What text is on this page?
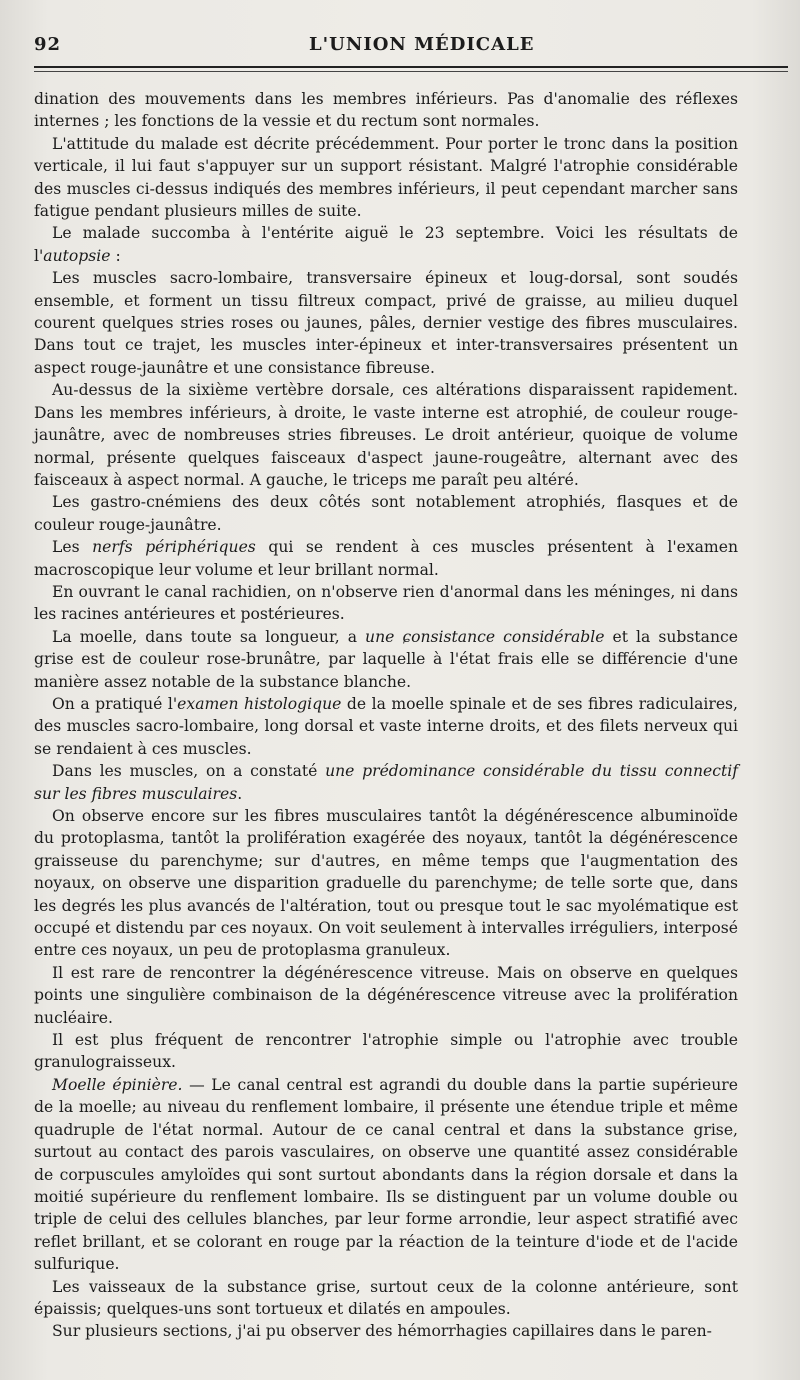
92	L'UNION MÉDICALE

dination des mouvements dans les membres inférieurs. Pas d'anomalie des réflexes internes ; les fonctions de la vessie et du rectum sont normales.

L'attitude du malade est décrite précédemment. Pour porter le tronc dans la position verticale, il lui faut s'appuyer sur un support résistant. Malgré l'atrophie considérable des muscles ci-dessus indiqués des membres inférieurs, il peut cependant marcher sans fatigue pendant plusieurs milles de suite.

Le malade succomba à l'entérite aiguë le 23 septembre. Voici les résultats de l'autopsie :

Les muscles sacro-lombaire, transversaire épineux et loug-dorsal, sont soudés ensemble, et forment un tissu filtreux compact, privé de graisse, au milieu duquel courent quelques stries roses ou jaunes, pâles, dernier vestige des fibres musculaires. Dans tout ce trajet, les muscles inter-épineux et inter-transversaires présentent un aspect rouge-jaunâtre et une consistance fibreuse.

Au-dessus de la sixième vertèbre dorsale, ces altérations disparaissent rapidement. Dans les membres inférieurs, à droite, le vaste interne est atrophié, de couleur rouge-jaunâtre, avec de nombreuses stries fibreuses. Le droit antérieur, quoique de volume normal, présente quelques faisceaux d'aspect jaune-rougeâtre, alternant avec des faisceaux à aspect normal. A gauche, le triceps me paraît peu altéré.

Les gastro-cnémiens des deux côtés sont notablement atrophiés, flasques et de couleur rouge-jaunâtre.

Les nerfs périphériques qui se rendent à ces muscles présentent à l'examen macroscopique leur volume et leur brillant normal.

En ouvrant le canal rachidien, on n'observe rien d'anormal dans les méninges, ni dans les racines antérieures et postérieures.

La moelle, dans toute sa longueur, a une ɕonsistance considérable et la substance grise est de couleur rose-brunâtre, par laquelle à l'état frais elle se différencie d'une manière assez notable de la substance blanche.

On a pratiqué l'examen histologique de la moelle spinale et de ses fibres radiculaires, des muscles sacro-lombaire, long dorsal et vaste interne droits, et des filets nerveux qui se rendaient à ces muscles.

Dans les muscles, on a constaté une prédominance considérable du tissu connectif sur les fibres musculaires.

On observe encore sur les fibres musculaires tantôt la dégénérescence albuminoïde du protoplasma, tantôt la prolifération exagérée des noyaux, tantôt la dégénérescence graisseuse du parenchyme; sur d'autres, en même temps que l'augmentation des noyaux, on observe une disparition graduelle du parenchyme; de telle sorte que, dans les degrés les plus avancés de l'altération, tout ou presque tout le sac myolématique est occupé et distendu par ces noyaux. On voit seulement à intervalles irréguliers, interposé entre ces noyaux, un peu de protoplasma granuleux.

Il est rare de rencontrer la dégénérescence vitreuse. Mais on observe en quelques points une singulière combinaison de la dégénérescence vitreuse avec la prolifération nucléaire.

Il est plus fréquent de rencontrer l'atrophie simple ou l'atrophie avec trouble granulograisseux.

Moelle épinière. — Le canal central est agrandi du double dans la partie supérieure de la moelle; au niveau du renflement lombaire, il présente une étendue triple et même quadruple de l'état normal. Autour de ce canal central et dans la substance grise, surtout au contact des parois vasculaires, on observe une quantité assez considérable de corpuscules amyloïdes qui sont surtout abondants dans la région dorsale et dans la moitié supérieure du renflement lombaire. Ils se distinguent par un volume double ou triple de celui des cellules blanches, par leur forme arrondie, leur aspect stratifié avec reflet brillant, et se colorant en rouge par la réaction de la teinture d'iode et de l'acide sulfurique.

Les vaisseaux de la substance grise, surtout ceux de la colonne antérieure, sont épaissis; quelques-uns sont tortueux et dilatés en ampoules.

Sur plusieurs sections, j'ai pu observer des hémorrhagies capillaires dans le paren-
